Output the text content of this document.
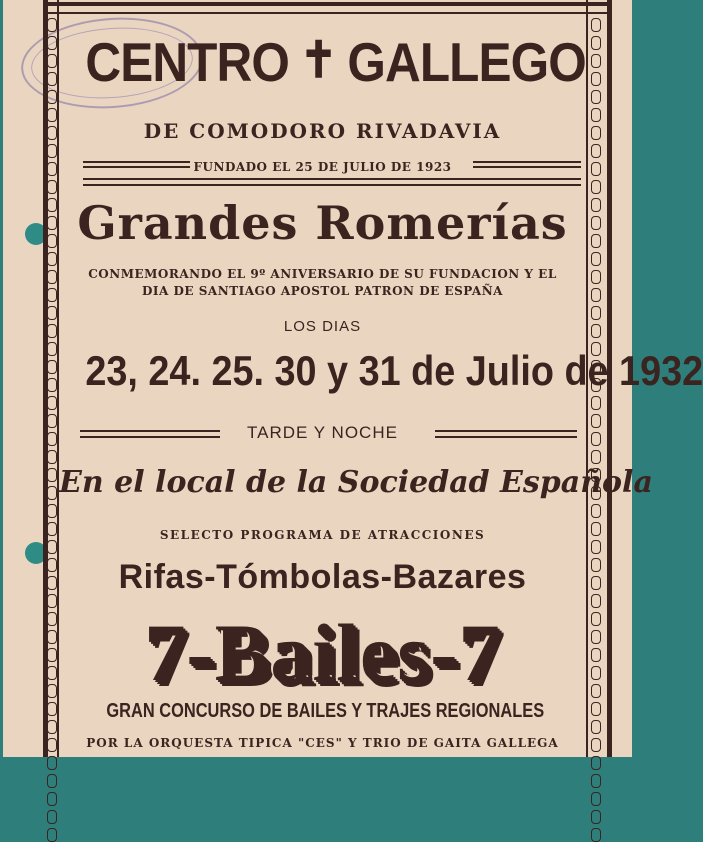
CENTRO ✝ GALLEGO
DE COMODORO RIVADAVIA
FUNDADO EL 25 DE JULIO DE 1923
Grandes Romerías
CONMEMORANDO EL 9º ANIVERSARIO DE SU FUNDACION Y EL
DIA DE SANTIAGO APOSTOL PATRON DE ESPAÑA
LOS DIAS
23, 24. 25. 30 y 31 de Julio de 1932
TARDE Y NOCHE
En el local de la Sociedad Española
SELECTO PROGRAMA DE ATRACCIONES
Rifas-Tómbolas-Bazares
7-Bailes-7
GRAN CONCURSO DE BAILES Y TRAJES REGIONALES
POR LA ORQUESTA TIPICA "CES" Y TRIO DE GAITA GALLEGA
